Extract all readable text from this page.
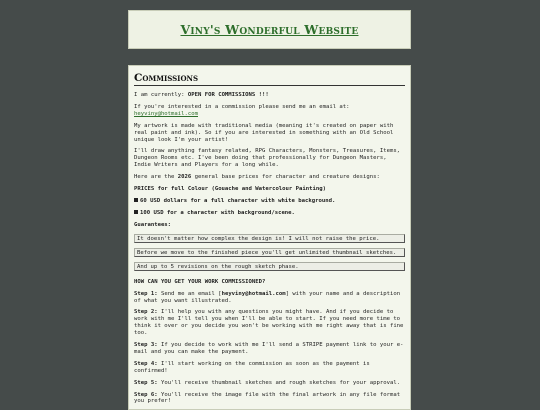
Viny's Wonderful Website
Commissions
I am currently: OPEN FOR COMMISSIONS !!!
If you're interested in a commission please send me an email at:
heyviny@hotmail.com
My artwork is made with traditional media (meaning it's created on paper with real paint and ink). So if you are interested in something with an Old School unique look I'm your artist!
I'll draw anything fantasy related, RPG Characters, Monsters, Treasures, Items, Dungeon Rooms etc. I've been doing that professionally for Dungeon Masters, Indie Writers and Players for a long while.
Here are the 2026 general base prices for character and creature designs:
PRICES for full Colour (Gouache and Watercolour Painting)
60 USD dollars for a full character with white background.
100 USD for a character with background/scene.
Guarantees:
It doesn't matter how complex the design is! I will not raise the price.
Before we move to the finished piece you'll get unlimited thumbnail sketches.
And up to 5 revisions on the rough sketch phase.
HOW CAN YOU GET YOUR WORK COMMISSIONED?
Step 1: Send me an email [heyviny@hotmail.com] with your name and a description of what you want illustrated.
Step 2: I'll help you with any questions you might have. And if you decide to work with me I'll tell you when I'll be able to start. If you need more time to think it over or you decide you won't be working with me right away that is fine too.
Step 3: If you decide to work with me I'll send a STRIPE payment link to your e-mail and you can make the payment.
Step 4: I'll start working on the commission as soon as the payment is confirmed!
Step 5: You'll receive thumbnail sketches and rough sketches for your approval.
Step 6: You'll receive the image file with the final artwork in any file format you prefer!
